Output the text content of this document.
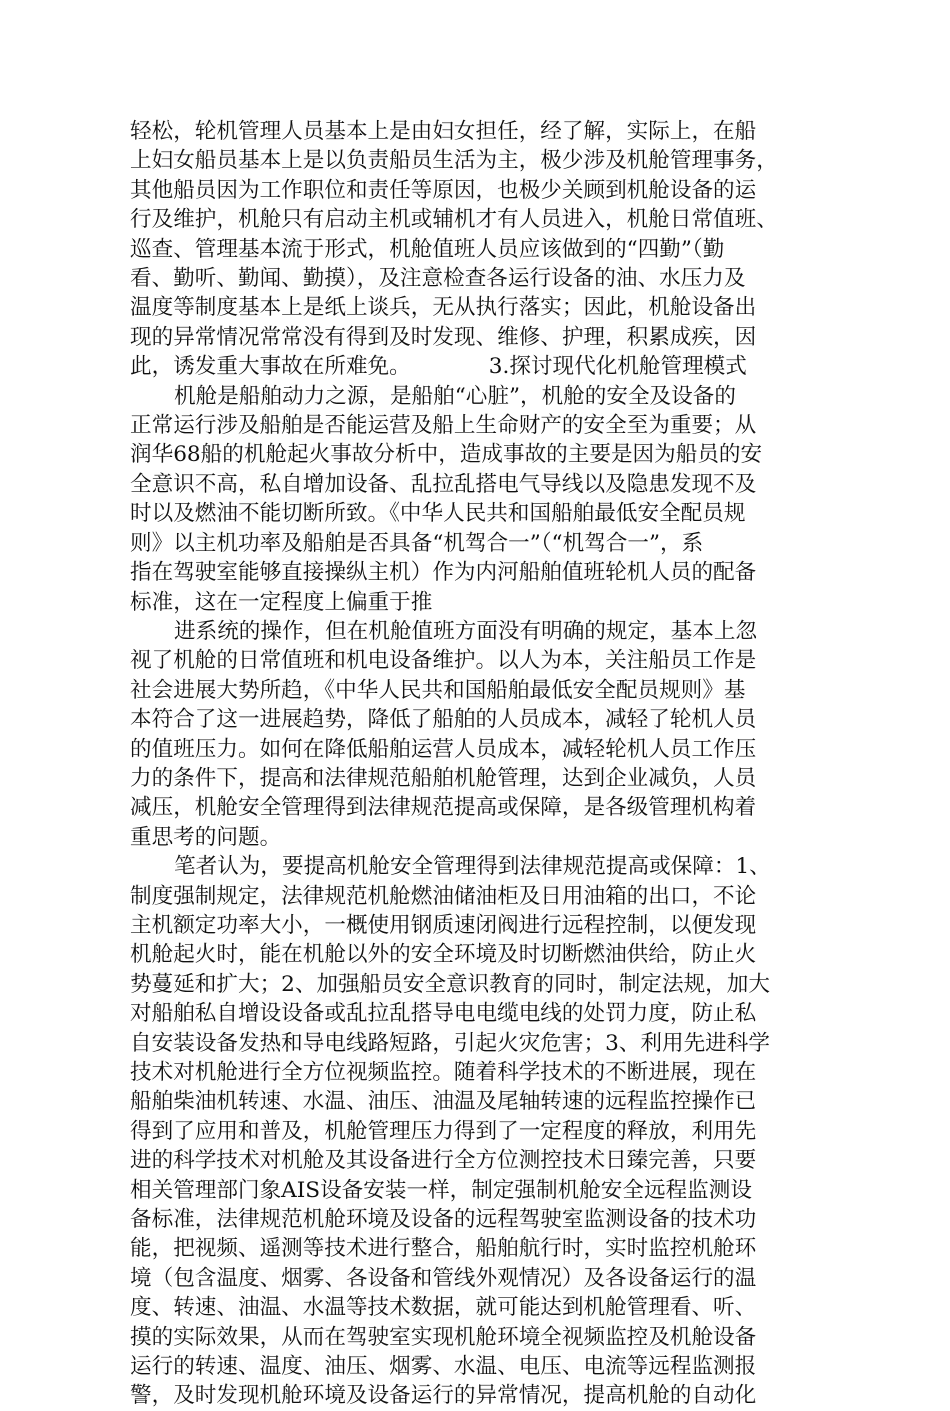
轻松，轮机管理人员基本上是由妇女担任，经了解，实际上，在船
上妇女船员基本上是以负责船员生活为主，极少涉及机舱管理事务，
其他船员因为工作职位和责任等原因，也极少关顾到机舱设备的运
行及维护，机舱只有启动主机或辅机才有人员进入，机舱日常值班、
巡查、管理基本流于形式，机舱值班人员应该做到的“四勤”（勤
看、勤听、勤闻、勤摸），及注意检查各运行设备的油、水压力及
温度等制度基本上是纸上谈兵，无从执行落实；因此，机舱设备出
现的异常情况常常没有得到及时发现、维修、护理，积累成疾，因
此，诱发重大事故在所难免。	3.探讨现代化机舱管理模式
机舱是船舶动力之源，是船舶“心脏”，机舱的安全及设备的
正常运行涉及船舶是否能运营及船上生命财产的安全至为重要；从
润华68船的机舱起火事故分析中，造成事故的主要是因为船员的安
全意识不高，私自增加设备、乱拉乱搭电气导线以及隐患发现不及
时以及燃油不能切断所致。《中华人民共和国船舶最低安全配员规
则》以主机功率及船舶是否具备“机驾合一”（“机驾合一”，系
指在驾驶室能够直接操纵主机）作为内河船舶值班轮机人员的配备
标准，这在一定程度上偏重于推
进系统的操作，但在机舱值班方面没有明确的规定，基本上忽
视了机舱的日常值班和机电设备维护。以人为本，关注船员工作是
社会进展大势所趋，《中华人民共和国船舶最低安全配员规则》基
本符合了这一进展趋势，降低了船舶的人员成本，减轻了轮机人员
的值班压力。如何在降低船舶运营人员成本，减轻轮机人员工作压
力的条件下，提高和法律规范船舶机舱管理，达到企业减负，人员
减压，机舱安全管理得到法律规范提高或保障，是各级管理机构着
重思考的问题。
笔者认为，要提高机舱安全管理得到法律规范提高或保障：1、
制度强制规定，法律规范机舱燃油储油柜及日用油箱的出口，不论
主机额定功率大小，一概使用钢质速闭阀进行远程控制，以便发现
机舱起火时，能在机舱以外的安全环境及时切断燃油供给，防止火
势蔓延和扩大；2、加强船员安全意识教育的同时，制定法规，加大
对船舶私自增设设备或乱拉乱搭导电电缆电线的处罚力度，防止私
自安装设备发热和导电线路短路，引起火灾危害；3、利用先进科学
技术对机舱进行全方位视频监控。随着科学技术的不断进展，现在
船舶柴油机转速、水温、油压、油温及尾轴转速的远程监控操作已
得到了应用和普及，机舱管理压力得到了一定程度的释放，利用先
进的科学技术对机舱及其设备进行全方位测控技术日臻完善，只要
相关管理部门象AIS设备安装一样，制定强制机舱安全远程监测设
备标准，法律规范机舱环境及设备的远程驾驶室监测设备的技术功
能，把视频、遥测等技术进行整合，船舶航行时，实时监控机舱环
境（包含温度、烟雾、各设备和管线外观情况）及各设备运行的温
度、转速、油温、水温等技术数据，就可能达到机舱管理看、听、
摸的实际效果，从而在驾驶室实现机舱环境全视频监控及机舱设备
运行的转速、温度、油压、烟雾、水温、电压、电流等远程监测报
警，及时发现机舱环境及设备运行的异常情况，提高机舱的自动化
